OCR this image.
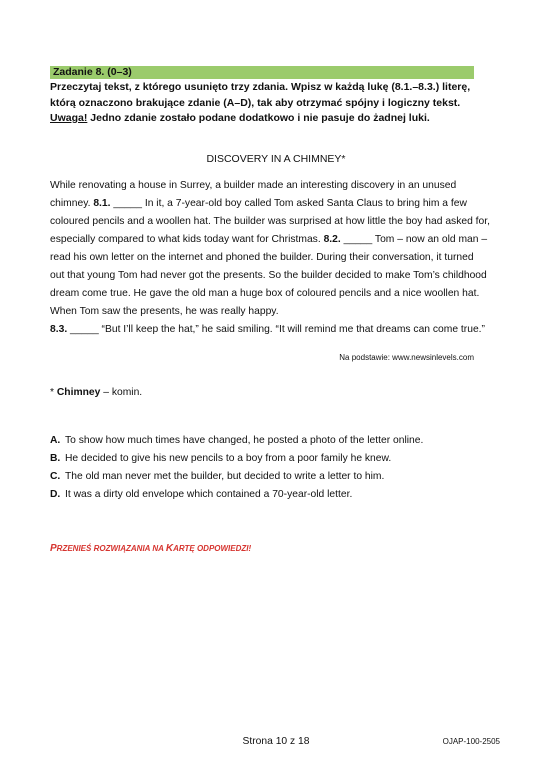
Zadanie 8. (0–3)
Przeczytaj tekst, z którego usunięto trzy zdania. Wpisz w każdą lukę (8.1.–8.3.) literę,
którą oznaczono brakujące zdanie (A–D), tak aby otrzymać spójny i logiczny tekst.
Uwaga! Jedno zdanie zostało podane dodatkowo i nie pasuje do żadnej luki.
DISCOVERY IN A CHIMNEY*
While renovating a house in Surrey, a builder made an interesting discovery in an unused chimney. 8.1. _____ In it, a 7-year-old boy called Tom asked Santa Claus to bring him a few coloured pencils and a woollen hat. The builder was surprised at how little the boy had asked for, especially compared to what kids today want for Christmas. 8.2. _____ Tom – now an old man – read his own letter on the internet and phoned the builder. During their conversation, it turned out that young Tom had never got the presents. So the builder decided to make Tom’s childhood dream come true. He gave the old man a huge box of coloured pencils and a nice woollen hat. When Tom saw the presents, he was really happy.
8.3. _____ “But I’ll keep the hat,” he said smiling. “It will remind me that dreams can come true.”
Na podstawie: www.newsinlevels.com
* Chimney – komin.
A. To show how much times have changed, he posted a photo of the letter online.
B. He decided to give his new pencils to a boy from a poor family he knew.
C. The old man never met the builder, but decided to write a letter to him.
D. It was a dirty old envelope which contained a 70-year-old letter.
PRZENIEŚ ROZWIĄZANIA NA KARTĘ ODPOWIEDZI!
Strona 10 z 18	OJAP-100-2505
